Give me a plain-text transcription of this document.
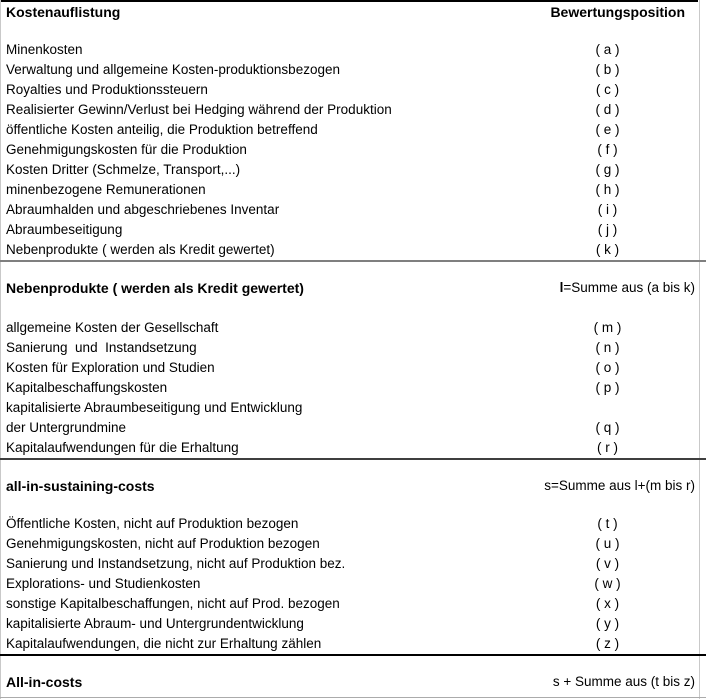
Kostenauflistung	Bewertungsposition
Minenkosten	( a )
Verwaltung und allgemeine Kosten-produktionsbezogen	( b )
Royalties und Produktionssteuern	( c )
Realisierter Gewinn/Verlust bei Hedging während der Produktion	( d )
öffentliche Kosten anteilig, die Produktion betreffend	( e )
Genehmigungskosten für die Produktion	( f )
Kosten Dritter (Schmelze, Transport,...)	( g )
minenbezogene Remunerationen	( h )
Abraumhalden und abgeschriebenes Inventar	( i )
Abraumbeseitigung	( j )
Nebenprodukte ( werden als Kredit gewertet)	( k )
Nebenprodukte ( werden als Kredit gewertet)	l=Summe aus (a bis k)
allgemeine Kosten der Gesellschaft	( m )
Sanierung  und  Instandsetzung	( n )
Kosten für Exploration und Studien	( o )
Kapitalbeschaffungskosten	( p )
kapitalisierte Abraumbeseitigung und Entwicklung
der Untergrundmine	( q )
Kapitalaufwendungen für die Erhaltung	( r )
all-in-sustaining-costs	s=Summe aus l+(m bis r)
Öffentliche Kosten, nicht auf Produktion bezogen	( t )
Genehmigungskosten, nicht auf Produktion bezogen	( u )
Sanierung und Instandsetzung, nicht auf Produktion bez.	( v )
Explorations- und Studienkosten	( w )
sonstige Kapitalbeschaffungen, nicht auf Prod. bezogen	( x )
kapitalisierte Abraum- und Untergrundentwicklung	( y )
Kapitalaufwendungen, die nicht zur Erhaltung zählen	( z )
All-in-costs	s + Summe aus (t bis z)
